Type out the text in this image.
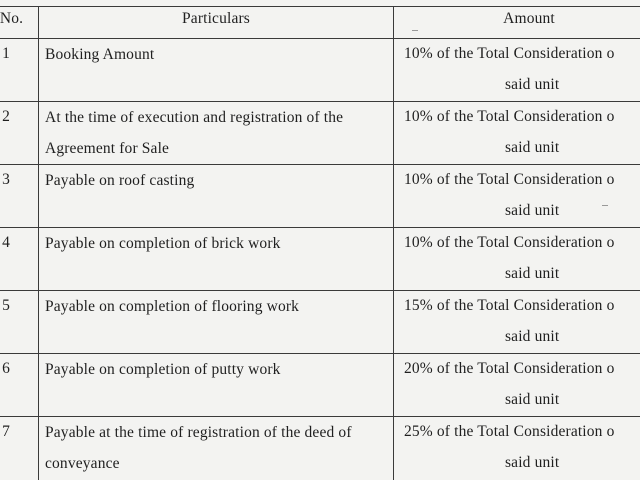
No.	Particulars	Amount
1	Booking Amount	10% of the Total Consideration o
said unit

2	At the time of execution and registration of the Agreement for Sale	10% of the Total Consideration o
said unit

3	Payable on roof casting	10% of the Total Consideration o
said unit

4	Payable on completion of brick work	10% of the Total Consideration o
said unit

5	Payable on completion of flooring work	15% of the Total Consideration o
said unit

6	Payable on completion of putty work	20% of the Total Consideration o
said unit

7	Payable at the time of registration of the deed of conveyance	25% of the Total Consideration o
said unit
